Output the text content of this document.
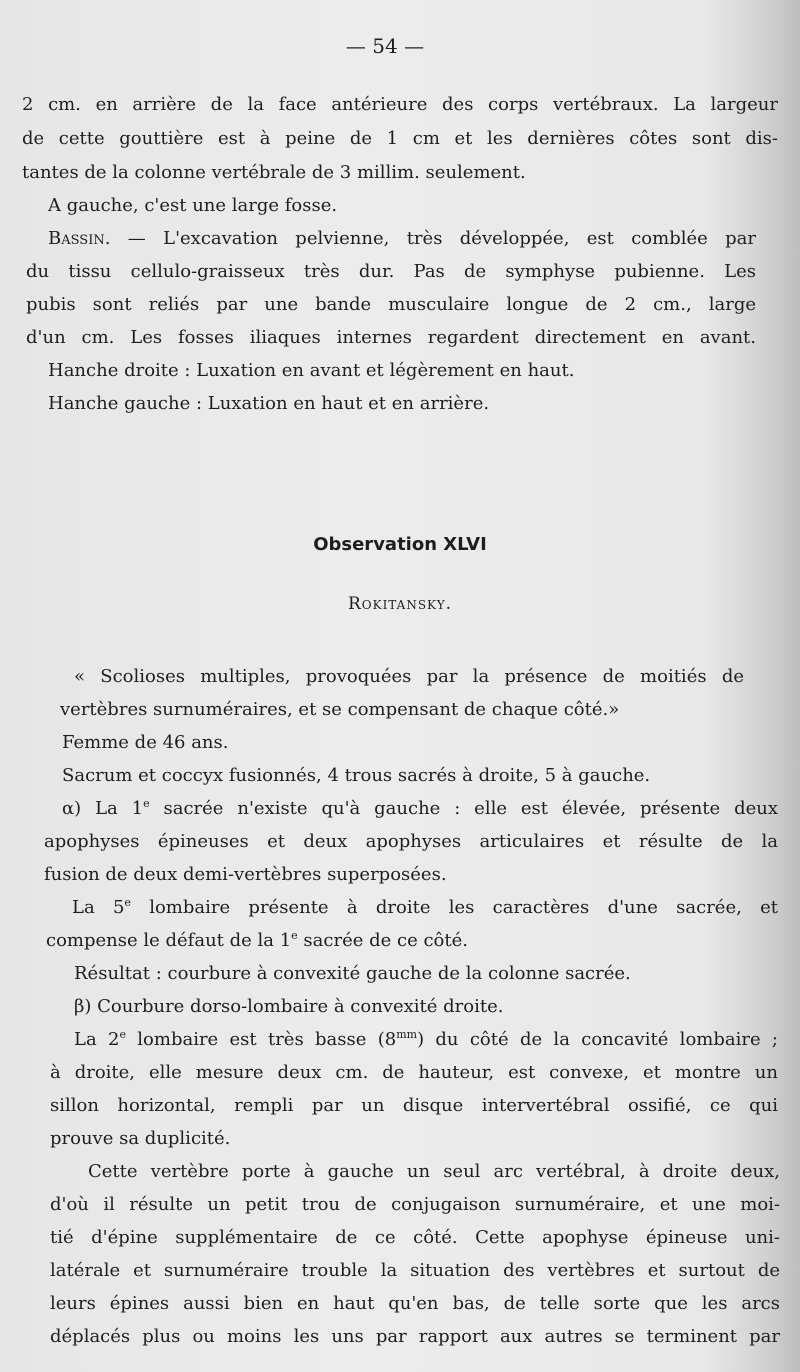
— 54 —

2 cm. en arrière de la face antérieure des corps vertébraux. La largeur

de cette gouttière est à peine de 1 cm et les dernières côtes sont dis-

tantes de la colonne vertébrale de 3 millim. seulement.

A gauche, c'est une large fosse.

Bassin. — L'excavation pelvienne, très développée, est comblée par

du tissu cellulo-graisseux très dur. Pas de symphyse pubienne. Les

pubis sont reliés par une bande musculaire longue de 2 cm., large

d'un cm. Les fosses iliaques internes regardent directement en avant.

Hanche droite : Luxation en avant et légèrement en haut.

Hanche gauche : Luxation en haut et en arrière.

Observation XLVI

Rokitansky.

« Scolioses multiples, provoquées par la présence de moitiés de

vertèbres surnuméraires, et se compensant de chaque côté.»

Femme de 46 ans.

Sacrum et coccyx fusionnés, 4 trous sacrés à droite, 5 à gauche.

α) La 1e sacrée n'existe qu'à gauche : elle est élevée, présente deux

apophyses épineuses et deux apophyses articulaires et résulte de la

fusion de deux demi-vertèbres superposées.

La 5e lombaire présente à droite les caractères d'une sacrée, et

compense le défaut de la 1e sacrée de ce côté.

Résultat : courbure à convexité gauche de la colonne sacrée.

β) Courbure dorso-lombaire à convexité droite.

La 2e lombaire est très basse $(8^{mm})$ du côté de la concavité lombaire ;

à droite, elle mesure deux cm. de hauteur, est convexe, et montre un

sillon horizontal, rempli par un disque intervertébral ossifié, ce qui

prouve sa duplicité.

Cette vertèbre porte à gauche un seul arc vertébral, à droite deux,

d'où il résulte un petit trou de conjugaison surnuméraire, et une moi-

tié d'épine supplémentaire de ce côté. Cette apophyse épineuse uni-

latérale et surnuméraire trouble la situation des vertèbres et surtout de

leurs épines aussi bien en haut qu'en bas, de telle sorte que les arcs

déplacés plus ou moins les uns par rapport aux autres se terminent par
